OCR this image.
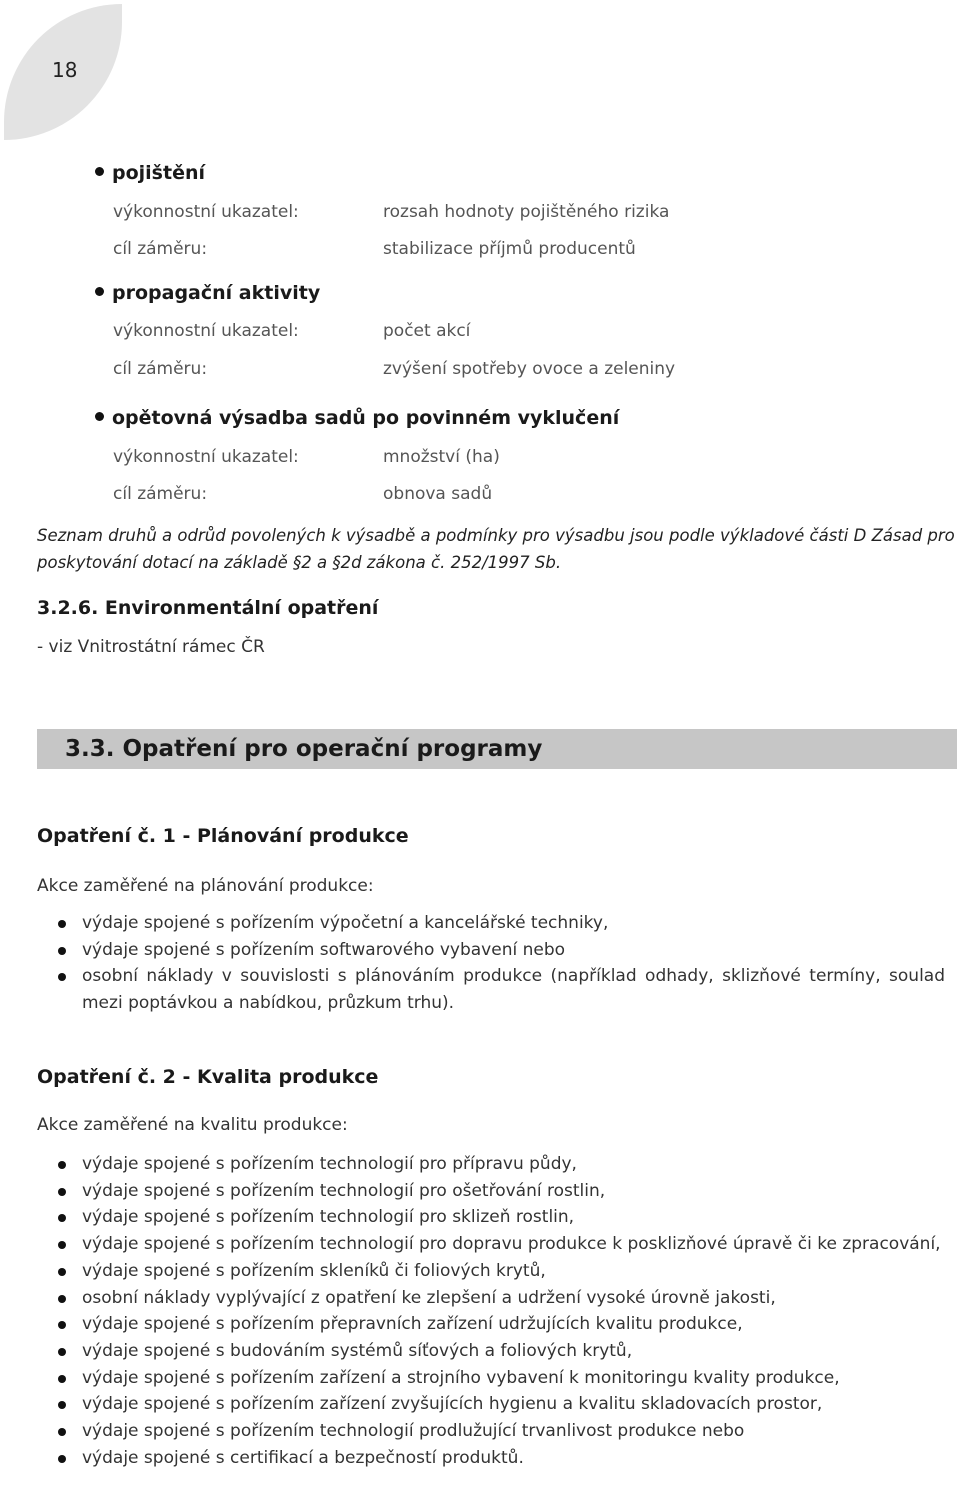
18
pojištění
výkonnostní ukazatel:	rozsah hodnoty pojištěného rizika
cíl záměru:	stabilizace příjmů producentů
propagační aktivity
výkonnostní ukazatel:	počet akcí
cíl záměru:	zvýšení spotřeby ovoce a zeleniny
opětovná výsadba sadů po povinném vyklučení
výkonnostní ukazatel:	množství (ha)
cíl záměru:	obnova sadů
Seznam druhů a odrůd povolených k výsadbě a podmínky pro výsadbu jsou podle výkladové části D Zásad pro poskytování dotací na základě §2 a §2d zákona č. 252/1997 Sb.
3.2.6. Environmentální opatření
- viz Vnitrostátní rámec ČR
3.3. Opatření pro operační programy
Opatření č. 1 - Plánování produkce
Akce zaměřené na plánování produkce:
výdaje spojené s pořízením výpočetní a kancelářské techniky,
výdaje spojené s pořízením softwarového vybavení nebo
osobní náklady v souvislosti s plánováním produkce (například odhady, sklizňové termíny, soulad mezi poptávkou a nabídkou, průzkum trhu).
Opatření č. 2 - Kvalita produkce
Akce zaměřené na kvalitu produkce:
výdaje spojené s pořízením technologií pro přípravu půdy,
výdaje spojené s pořízením technologií pro ošetřování rostlin,
výdaje spojené s pořízením technologií pro sklizeň rostlin,
výdaje spojené s pořízením technologií pro dopravu produkce k posklizňové úpravě či ke zpracování,
výdaje spojené s pořízením skleníků či foliových krytů,
osobní náklady vyplývající z opatření ke zlepšení a udržení vysoké úrovně jakosti,
výdaje spojené s pořízením přepravních zařízení udržujících kvalitu produkce,
výdaje spojené s budováním systémů síťových a foliových krytů,
výdaje spojené s pořízením zařízení a strojního vybavení k monitoringu kvality produkce,
výdaje spojené s pořízením zařízení zvyšujících hygienu a kvalitu skladovacích prostor,
výdaje spojené s pořízením technologií prodlužující trvanlivost produkce nebo
výdaje spojené s certifikací a bezpečností produktů.
